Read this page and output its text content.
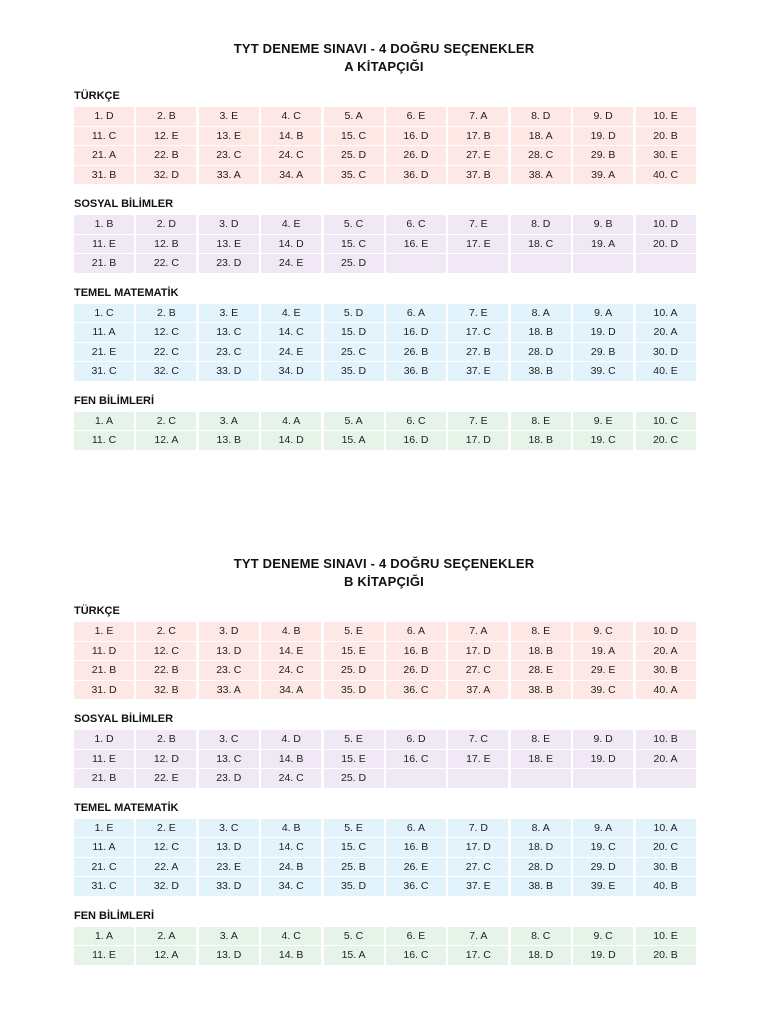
TYT DENEME SINAVI - 4 DOĞRU SEÇENEKLER
A KİTAPÇIĞI
TÜRKÇE
1. D	2. B	3. E	4. C	5. A	6. E	7. A	8. D	9. D	10. E
11. C	12. E	13. E	14. B	15. C	16. D	17. B	18. A	19. D	20. B
21. A	22. B	23. C	24. C	25. D	26. D	27. E	28. C	29. B	30. E
31. B	32. D	33. A	34. A	35. C	36. D	37. B	38. A	39. A	40. C
SOSYAL BİLİMLER
1. B	2. D	3. D	4. E	5. C	6. C	7. E	8. D	9. B	10. D
11. E	12. B	13. E	14. D	15. C	16. E	17. E	18. C	19. A	20. D
21. B	22. C	23. D	24. E	25. D
TEMEL MATEMATİK
1. C	2. B	3. E	4. E	5. D	6. A	7. E	8. A	9. A	10. A
11. A	12. C	13. C	14. C	15. D	16. D	17. C	18. B	19. D	20. A
21. E	22. C	23. C	24. E	25. C	26. B	27. B	28. D	29. B	30. D
31. C	32. C	33. D	34. D	35. D	36. B	37. E	38. B	39. C	40. E
FEN BİLİMLERİ
1. A	2. C	3. A	4. A	5. A	6. C	7. E	8. E	9. E	10. C
11. C	12. A	13. B	14. D	15. A	16. D	17. D	18. B	19. C	20. C
TYT DENEME SINAVI - 4 DOĞRU SEÇENEKLER
B KİTAPÇIĞI
TÜRKÇE
1. E	2. C	3. D	4. B	5. E	6. A	7. A	8. E	9. C	10. D
11. D	12. C	13. D	14. E	15. E	16. B	17. D	18. B	19. A	20. A
21. B	22. B	23. C	24. C	25. D	26. D	27. C	28. E	29. E	30. B
31. D	32. B	33. A	34. A	35. D	36. C	37. A	38. B	39. C	40. A
SOSYAL BİLİMLER
1. D	2. B	3. C	4. D	5. E	6. D	7. C	8. E	9. D	10. B
11. E	12. D	13. C	14. B	15. E	16. C	17. E	18. E	19. D	20. A
21. B	22. E	23. D	24. C	25. D
TEMEL MATEMATİK
1. E	2. E	3. C	4. B	5. E	6. A	7. D	8. A	9. A	10. A
11. A	12. C	13. D	14. C	15. C	16. B	17. D	18. D	19. C	20. C
21. C	22. A	23. E	24. B	25. B	26. E	27. C	28. D	29. D	30. B
31. C	32. D	33. D	34. C	35. D	36. C	37. E	38. B	39. E	40. B
FEN BİLİMLERİ
1. A	2. A	3. A	4. C	5. C	6. E	7. A	8. C	9. C	10. E
11. E	12. A	13. D	14. B	15. A	16. C	17. C	18. D	19. D	20. B
